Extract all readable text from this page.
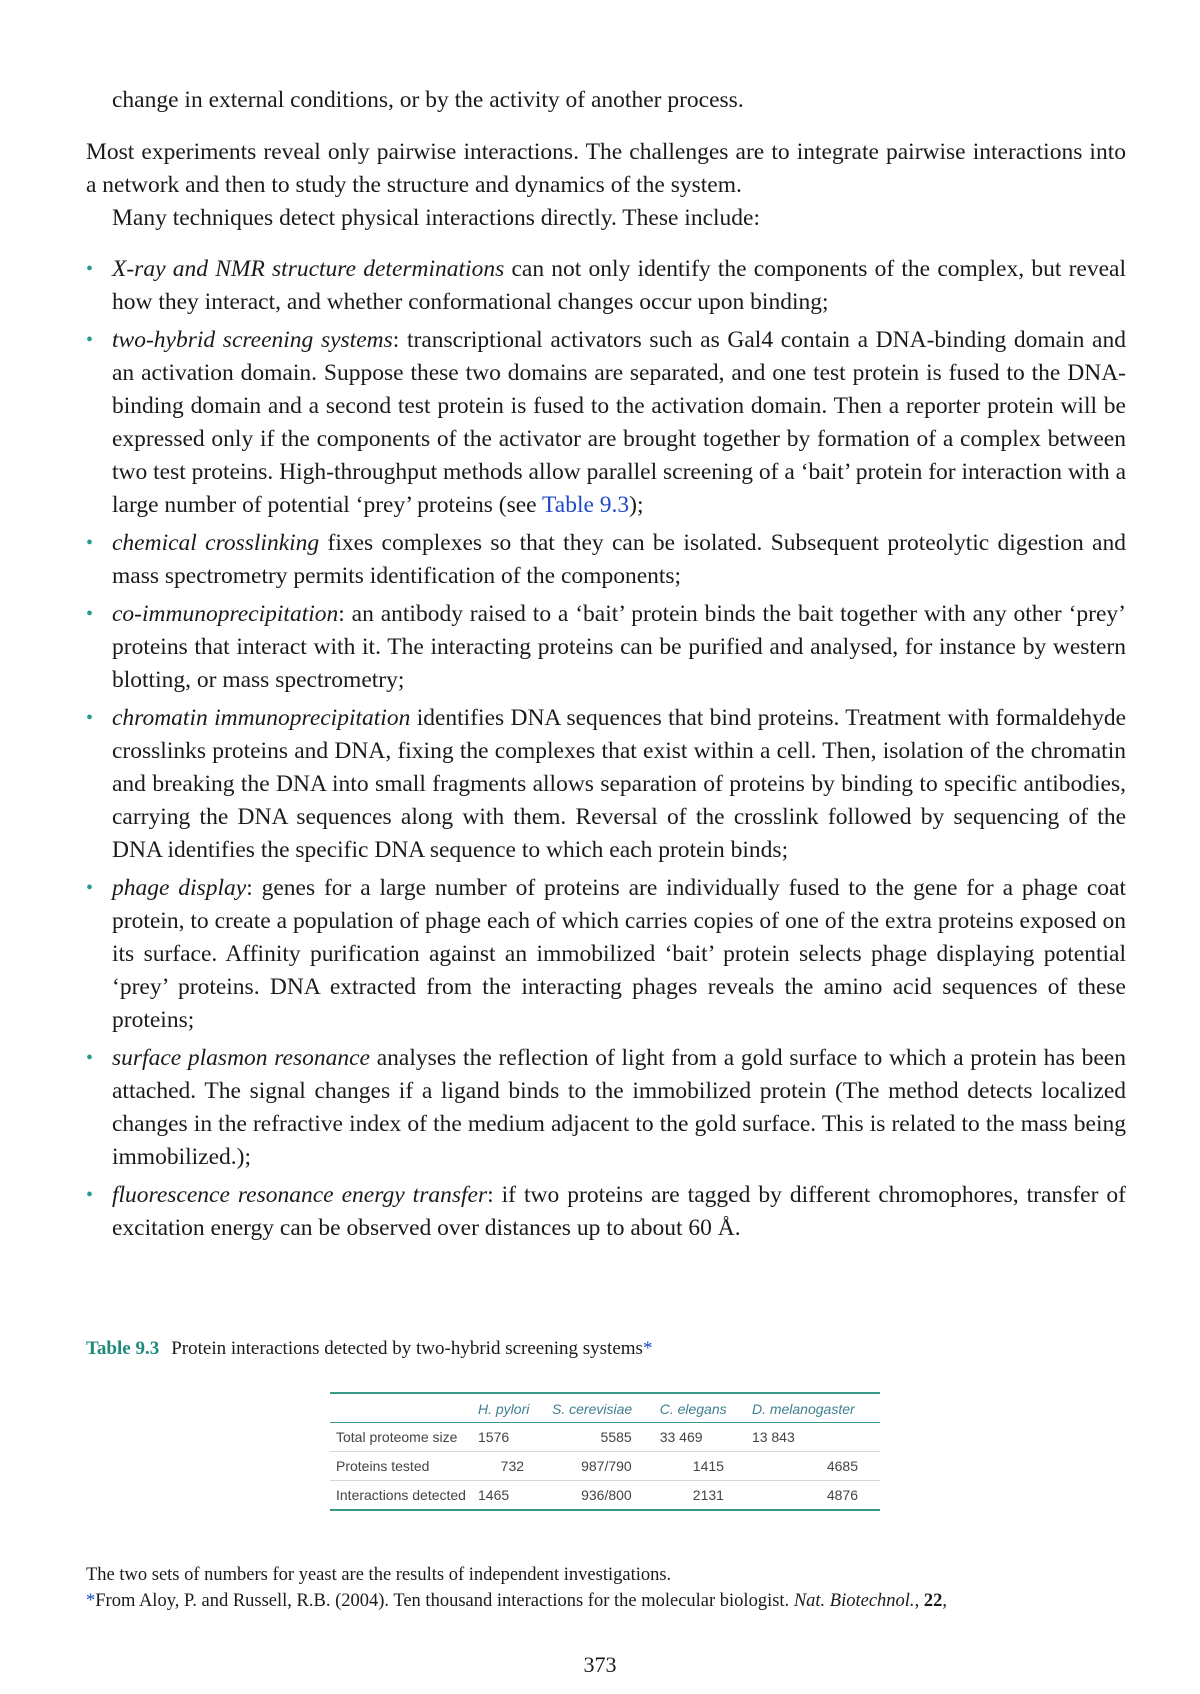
change in external conditions, or by the activity of another process.
Most experiments reveal only pairwise interactions. The challenges are to integrate pairwise interactions into a network and then to study the structure and dynamics of the system.
Many techniques detect physical interactions directly. These include:
• X-ray and NMR structure determinations can not only identify the components of the complex, but reveal how they interact, and whether conformational changes occur upon binding;
• two-hybrid screening systems: transcriptional activators such as Gal4 contain a DNA-binding domain and an activation domain. Suppose these two domains are separated, and one test protein is fused to the DNA-binding domain and a second test protein is fused to the activation domain. Then a reporter protein will be expressed only if the components of the activator are brought together by formation of a complex between two test proteins. High-throughput methods allow parallel screening of a ‘bait’ protein for interaction with a large number of potential ‘prey’ proteins (see Table 9.3);
• chemical crosslinking fixes complexes so that they can be isolated. Subsequent proteolytic digestion and mass spectrometry permits identification of the components;
• co-immunoprecipitation: an antibody raised to a ‘bait’ protein binds the bait together with any other ‘prey’ proteins that interact with it. The interacting proteins can be purified and analysed, for instance by western blotting, or mass spectrometry;
• chromatin immunoprecipitation identifies DNA sequences that bind proteins. Treatment with formaldehyde crosslinks proteins and DNA, fixing the complexes that exist within a cell. Then, isolation of the chromatin and breaking the DNA into small fragments allows separation of proteins by binding to specific antibodies, carrying the DNA sequences along with them. Reversal of the crosslink followed by sequencing of the DNA identifies the specific DNA sequence to which each protein binds;
• phage display: genes for a large number of proteins are individually fused to the gene for a phage coat protein, to create a population of phage each of which carries copies of one of the extra proteins exposed on its surface. Affinity purification against an immobilized ‘bait’ protein selects phage displaying potential ‘prey’ proteins. DNA extracted from the interacting phages reveals the amino acid sequences of these proteins;
• surface plasmon resonance analyses the reflection of light from a gold surface to which a protein has been attached. The signal changes if a ligand binds to the immobilized protein (The method detects localized changes in the refractive index of the medium adjacent to the gold surface. This is related to the mass being immobilized.);
• fluorescence resonance energy transfer: if two proteins are tagged by different chromophores, transfer of excitation energy can be observed over distances up to about 60 Å.
Table 9.3 Protein interactions detected by two-hybrid screening systems*
	H. pylori	S. cerevisiae	C. elegans	D. melanogaster
Total proteome size	1576	5585	33 469	13 843
Proteins tested	732	987/790	1415	4685
Interactions detected	1465	936/800	2131	4876
The two sets of numbers for yeast are the results of independent investigations.
*From Aloy, P. and Russell, R.B. (2004). Ten thousand interactions for the molecular biologist. Nat. Biotechnol., 22,
373
